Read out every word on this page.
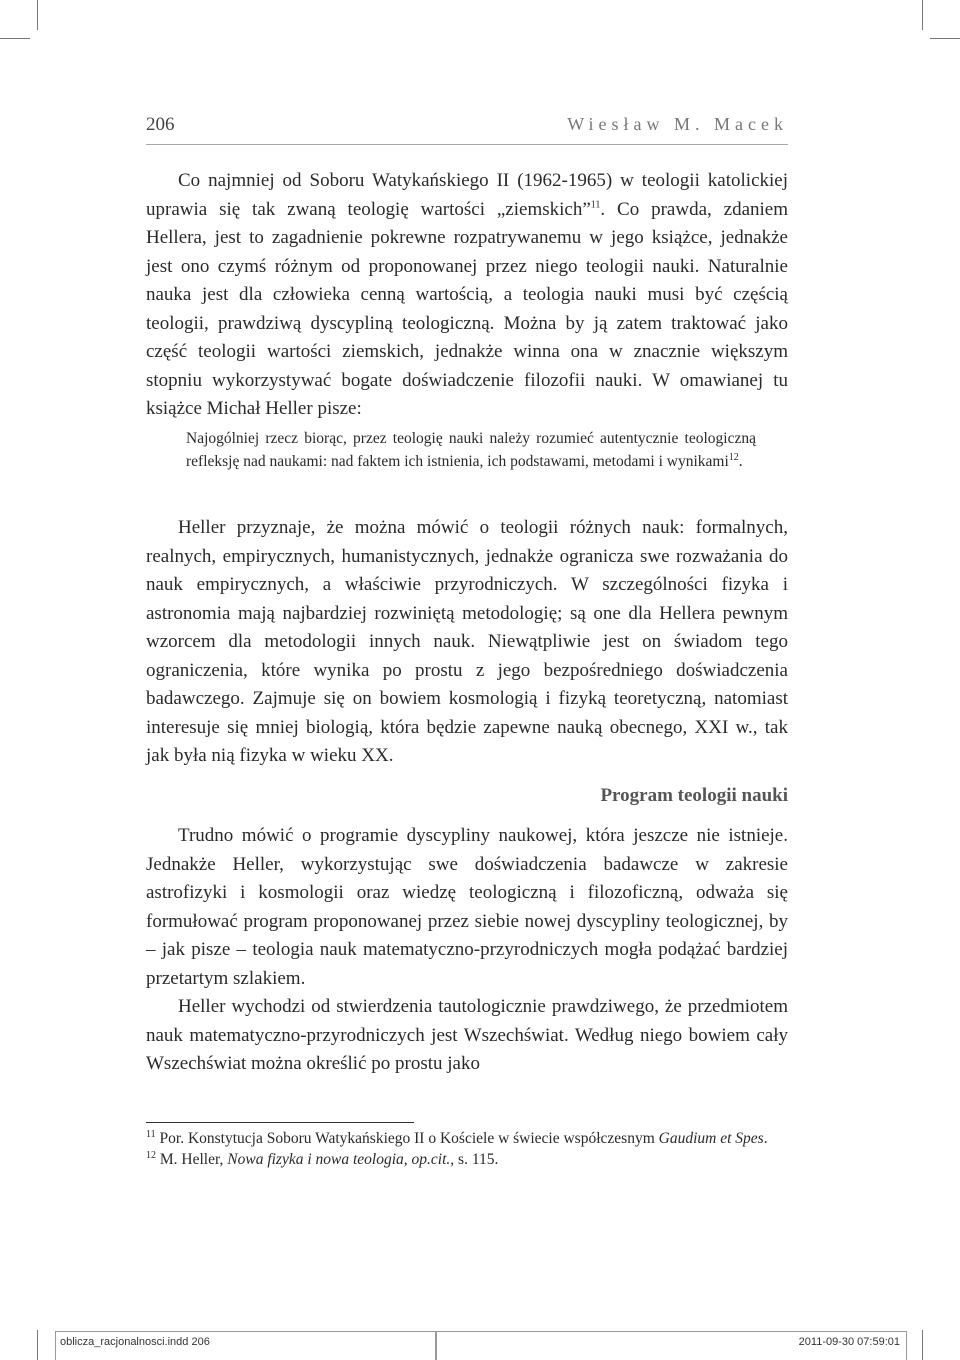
206	Wiesław M. Macek

Co najmniej od Soboru Watykańskiego II (1962-1965) w teologii katolickiej uprawia się tak zwaną teologię wartości „ziemskich”$^{11}$. Co prawda, zdaniem Hellera, jest to zagadnienie pokrewne rozpatrywanemu w jego książce, jednakże jest ono czymś różnym od proponowanej przez niego teologii nauki. Naturalnie nauka jest dla człowieka cenną wartością, a teologia nauki musi być częścią teologii, prawdziwą dyscypliną teologiczną. Można by ją zatem traktować jako część teologii wartości ziemskich, jednakże winna ona w znacznie większym stopniu wykorzystywać bogate doświadczenie filozofii nauki. W omawianej tu książce Michał Heller pisze:

Najogólniej rzecz biorąc, przez teologię nauki należy rozumieć autentycznie teologiczną refleksję nad naukami: nad faktem ich istnienia, ich podstawami, metodami i wynikami$^{12}$.

Heller przyznaje, że można mówić o teologii różnych nauk: formalnych, realnych, empirycznych, humanistycznych, jednakże ogranicza swe rozważania do nauk empirycznych, a właściwie przyrodniczych. W szczególności fizyka i astronomia mają najbardziej rozwiniętą metodologię; są one dla Hellera pewnym wzorcem dla metodologii innych nauk. Niewątpliwie jest on świadom tego ograniczenia, które wynika po prostu z jego bezpośredniego doświadczenia badawczego. Zajmuje się on bowiem kosmologią i fizyką teoretyczną, natomiast interesuje się mniej biologią, która będzie zapewne nauką obecnego, XXI w., tak jak była nią fizyka w wieku XX.

Program teologii nauki

Trudno mówić o programie dyscypliny naukowej, która jeszcze nie istnieje. Jednakże Heller, wykorzystując swe doświadczenia badawcze w zakresie astrofizyki i kosmologii oraz wiedzę teologiczną i filozoficzną, odważa się formułować program proponowanej przez siebie nowej dyscypliny teologicznej, by – jak pisze – teologia nauk matematyczno-przyrodniczych mogła podążać bardziej przetartym szlakiem.

Heller wychodzi od stwierdzenia tautologicznie prawdziwego, że przedmiotem nauk matematyczno-przyrodniczych jest Wszechświat. Według niego bowiem cały Wszechświat można określić po prostu jako

$^{11}$ Por. Konstytucja Soboru Watykańskiego II o Kościele w świecie współczesnym Gaudium et Spes.

$^{12}$ M. Heller, Nowa fizyka i nowa teologia, op.cit., s. 115.

oblicza_racjonalnosci.indd 206	2011-09-30 07:59:01
